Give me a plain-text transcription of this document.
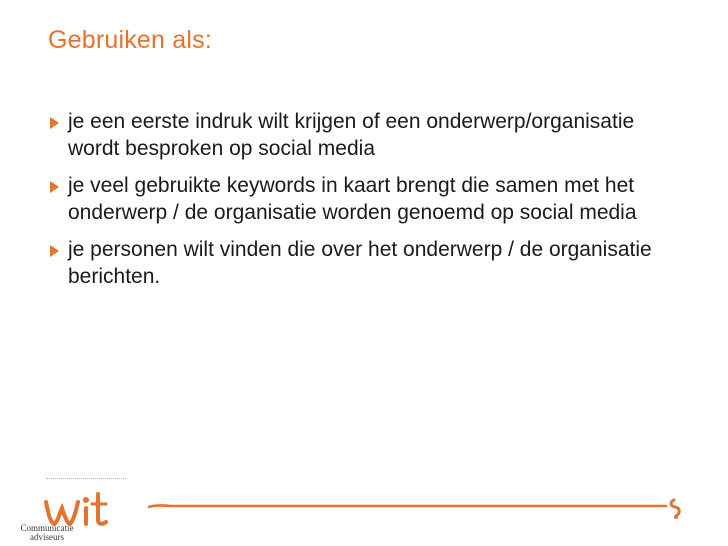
Gebruiken als:
je een eerste indruk wilt krijgen of een onderwerp/organisatie wordt besproken op social media
je veel gebruikte keywords in kaart brengt die samen met het onderwerp / de organisatie worden genoemd op social media
je personen wilt vinden die over het onderwerp / de organisatie berichten.
Communicatie
adviseurs
